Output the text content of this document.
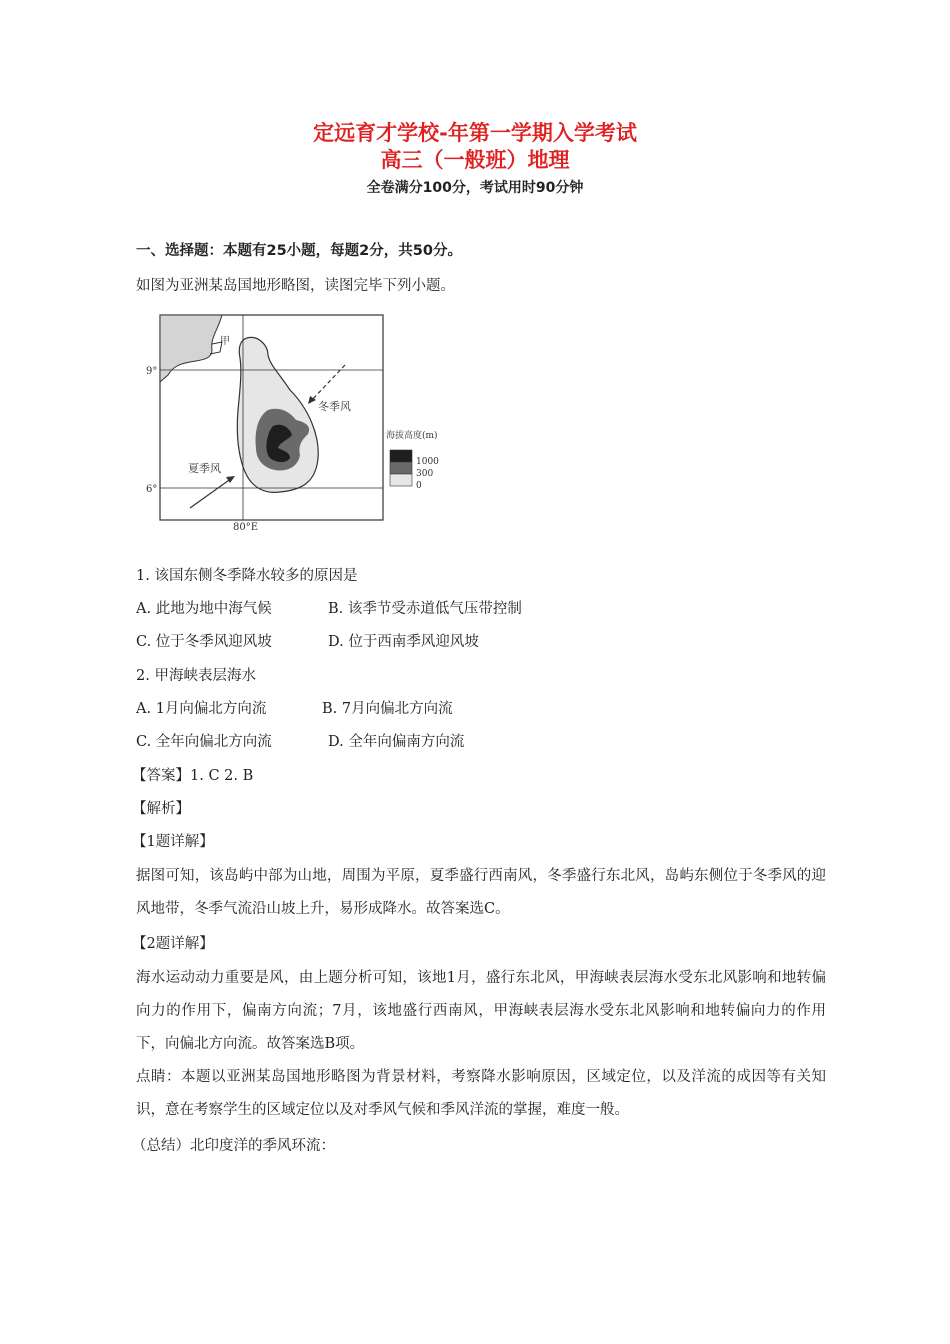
定远育才学校-年第一学期入学考试
高三（一般班）地理
全卷满分100分，考试用时90分钟
一、选择题：本题有25小题，每题2分，共50分。
如图为亚洲某岛国地形略图，读图完毕下列小题。
甲
9°
6°
80°E
冬季风
夏季风
海拔高度(m)
1000
300
0
1. 该国东侧冬季降水较多的原因是
A. 此地为地中海气候	B. 该季节受赤道低气压带控制
C. 位于冬季风迎风坡	D. 位于西南季风迎风坡
2. 甲海峡表层海水
A. 1月向偏北方向流	B. 7月向偏北方向流
C. 全年向偏北方向流	D. 全年向偏南方向流
【答案】1. C 2. B
【解析】
【1题详解】
据图可知，该岛屿中部为山地，周围为平原，夏季盛行西南风，冬季盛行东北风，岛屿东侧位于冬季风的迎风地带，冬季气流沿山坡上升，易形成降水。故答案选C。
【2题详解】
海水运动动力重要是风，由上题分析可知，该地1月，盛行东北风，甲海峡表层海水受东北风影响和地转偏向力的作用下，偏南方向流；7月，该地盛行西南风，甲海峡表层海水受东北风影响和地转偏向力的作用下，向偏北方向流。故答案选B项。
点睛：本题以亚洲某岛国地形略图为背景材料，考察降水影响原因，区域定位，以及洋流的成因等有关知识，意在考察学生的区域定位以及对季风气候和季风洋流的掌握，难度一般。
（总结）北印度洋的季风环流：
